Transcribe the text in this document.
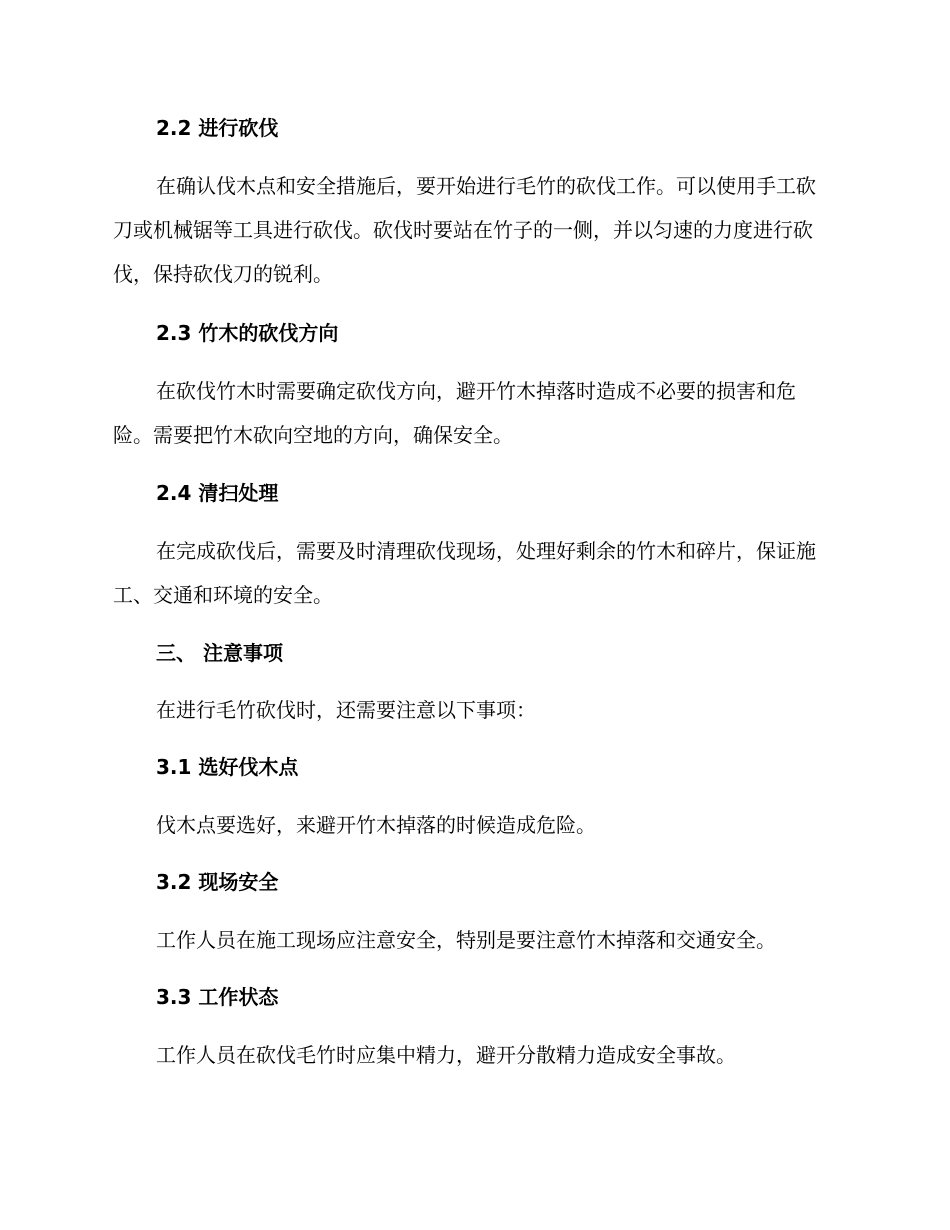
2.2 进行砍伐

在确认伐木点和安全措施后，要开始进行毛竹的砍伐工作。可以使用手工砍刀或机械锯等工具进行砍伐。砍伐时要站在竹子的一侧，并以匀速的力度进行砍伐，保持砍伐刀的锐利。

2.3 竹木的砍伐方向

在砍伐竹木时需要确定砍伐方向，避开竹木掉落时造成不必要的损害和危险。需要把竹木砍向空地的方向，确保安全。

2.4 清扫处理

在完成砍伐后，需要及时清理砍伐现场，处理好剩余的竹木和碎片，保证施工、交通和环境的安全。

三、 注意事项

在进行毛竹砍伐时，还需要注意以下事项：

3.1 选好伐木点

伐木点要选好，来避开竹木掉落的时候造成危险。

3.2 现场安全

工作人员在施工现场应注意安全，特别是要注意竹木掉落和交通安全。

3.3 工作状态

工作人员在砍伐毛竹时应集中精力，避开分散精力造成安全事故。
